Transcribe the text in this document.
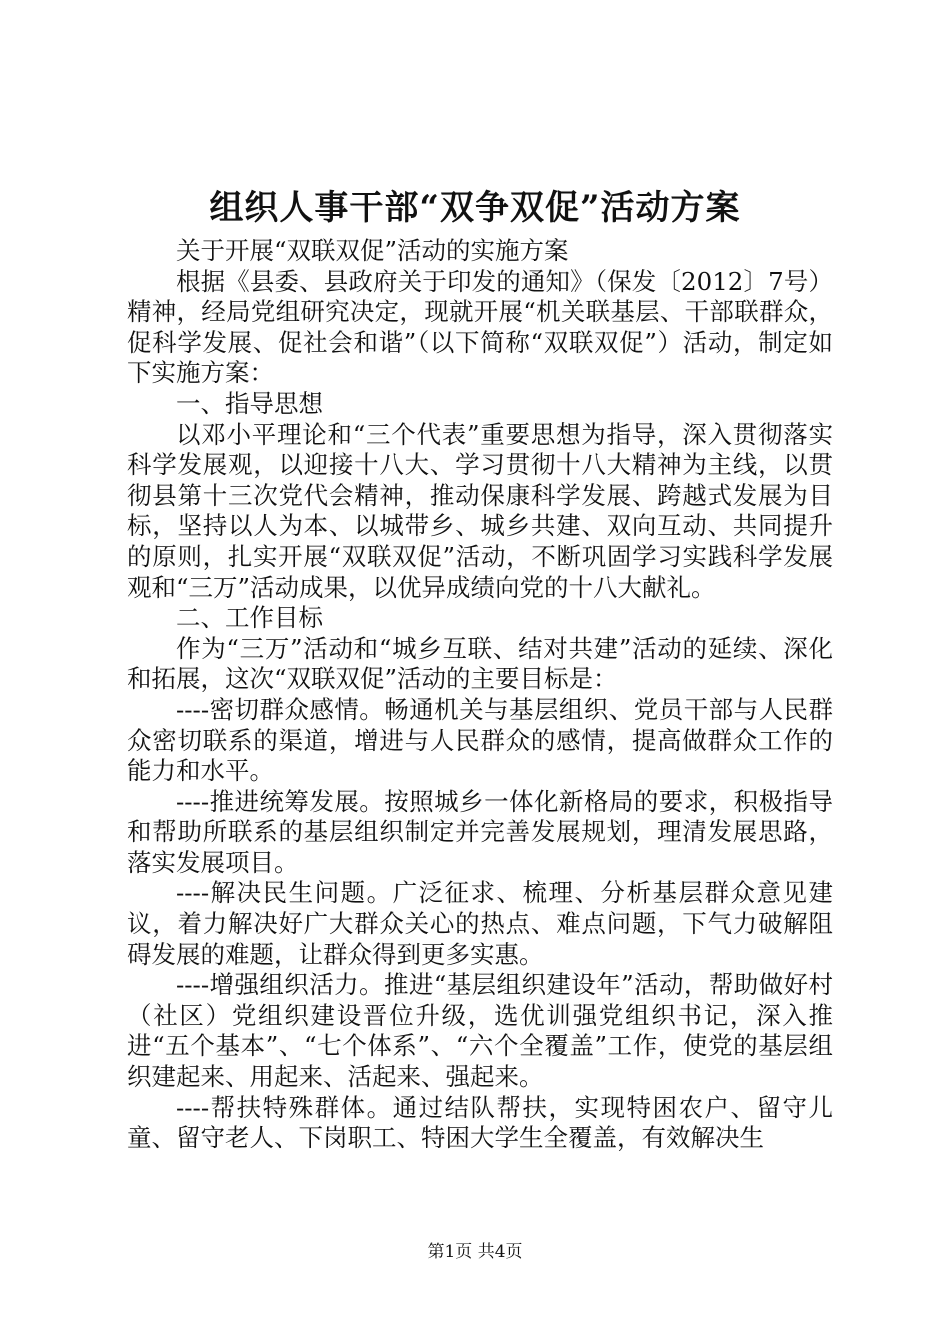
组织人事干部“双争双促”活动方案

关于开展“双联双促”活动的实施方案

根据《县委、县政府关于印发的通知》（保发〔2012〕7号）精神，经局党组研究决定，现就开展“机关联基层、干部联群众，促科学发展、促社会和谐”（以下简称“双联双促”）活动，制定如下实施方案：

一、指导思想

以邓小平理论和“三个代表”重要思想为指导，深入贯彻落实科学发展观，以迎接十八大、学习贯彻十八大精神为主线，以贯彻县第十三次党代会精神，推动保康科学发展、跨越式发展为目标，坚持以人为本、以城带乡、城乡共建、双向互动、共同提升的原则，扎实开展“双联双促”活动，不断巩固学习实践科学发展观和“三万”活动成果，以优异成绩向党的十八大献礼。

二、工作目标

作为“三万”活动和“城乡互联、结对共建”活动的延续、深化和拓展，这次“双联双促”活动的主要目标是：

----密切群众感情。畅通机关与基层组织、党员干部与人民群众密切联系的渠道，增进与人民群众的感情，提高做群众工作的能力和水平。

----推进统筹发展。按照城乡一体化新格局的要求，积极指导和帮助所联系的基层组织制定并完善发展规划，理清发展思路，落实发展项目。

----解决民生问题。广泛征求、梳理、分析基层群众意见建议，着力解决好广大群众关心的热点、难点问题，下气力破解阻碍发展的难题，让群众得到更多实惠。

----增强组织活力。推进“基层组织建设年”活动，帮助做好村（社区）党组织建设晋位升级，选优训强党组织书记，深入推进“五个基本”、“七个体系”、“六个全覆盖”工作，使党的基层组织建起来、用起来、活起来、强起来。

----帮扶特殊群体。通过结队帮扶，实现特困农户、留守儿童、留守老人、下岗职工、特困大学生全覆盖，有效解决生

第1页 共4页
